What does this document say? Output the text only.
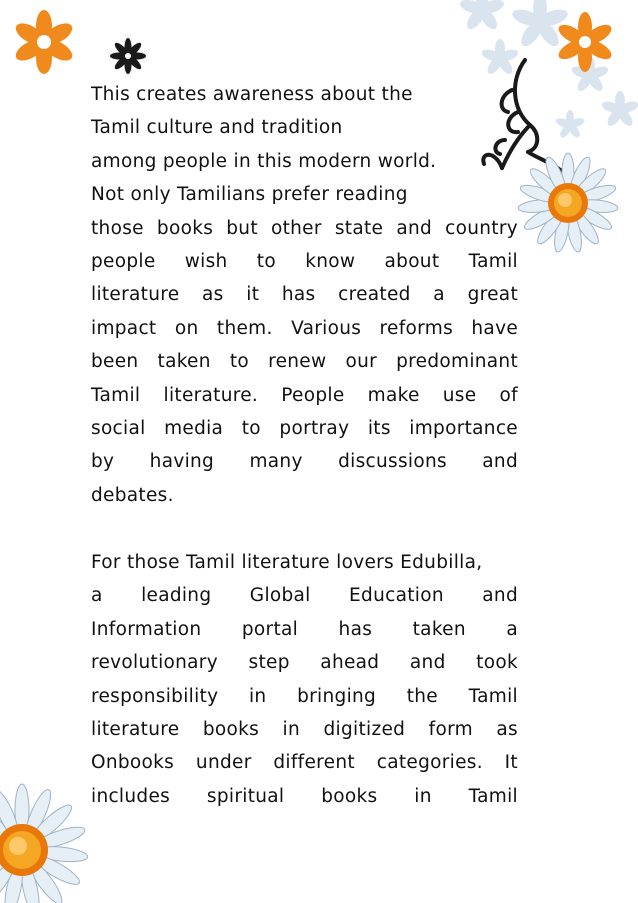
This creates awareness about the
Tamil culture and tradition
among people in this modern world.
Not only Tamilians prefer reading
those books but other state and country
people wish to know about Tamil
literature as it has created a great
impact on them. Various reforms have
been taken to renew our predominant
Tamil literature. People make use of
social media to portray its importance
by having many discussions and
debates.
For those Tamil literature lovers Edubilla,
a leading Global Education and
Information portal has taken a
revolutionary step ahead and took
responsibility in bringing the Tamil
literature books in digitized form as
Onbooks under different categories. It
includes spiritual books in Tamil
